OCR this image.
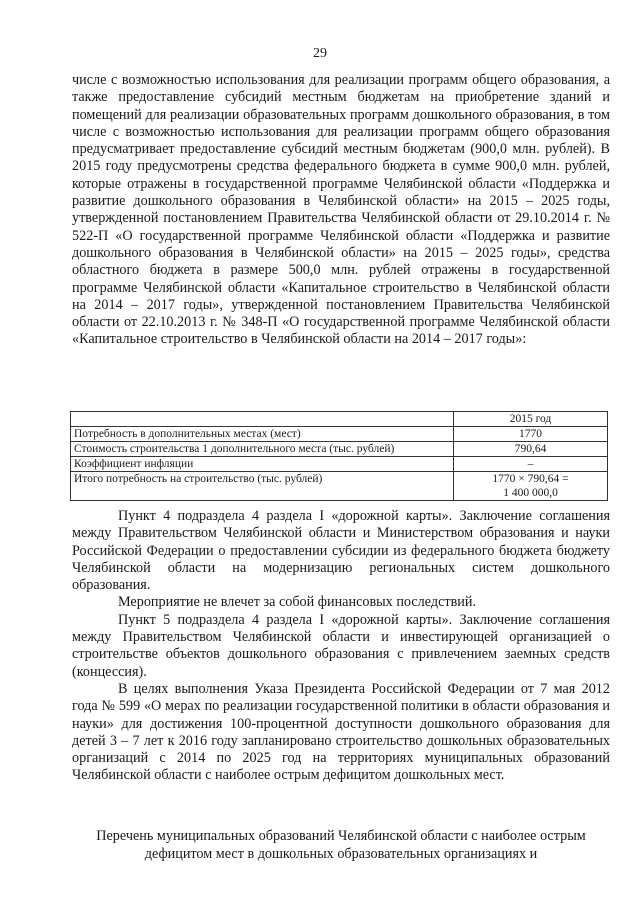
29

числе с возможностью использования для реализации программ общего образования, а также предоставление субсидий местным бюджетам на приобретение зданий и помещений для реализации образовательных программ дошкольного образования, в том числе с возможностью использования для реализации программ общего образования предусматривает предоставление субсидий местным бюджетам (900,0 млн. рублей). В 2015 году предусмотрены средства федерального бюджета в сумме 900,0 млн. рублей, которые отражены в государственной программе Челябинской области «Поддержка и развитие дошкольного образования в Челябинской области» на 2015 – 2025 годы, утвержденной постановлением Правительства Челябинской области от 29.10.2014 г. № 522-П «О государственной программе Челябинской области «Поддержка и развитие дошкольного образования в Челябинской области» на 2015 – 2025 годы», средства областного бюджета в размере 500,0 млн. рублей отражены в государственной программе Челябинской области «Капитальное строительство в Челябинской области на 2014 – 2017 годы», утвержденной постановлением Правительства Челябинской области от 22.10.2013 г. № 348-П «О государственной программе Челябинской области «Капитальное строительство в Челябинской области на 2014 – 2017 годы»:

	2015 год
Потребность в дополнительных местах (мест)	1770
Стоимость строительства 1 дополнительного места (тыс. рублей)	790,64
Коэффициент инфляции	–
Итого потребность на строительство (тыс. рублей)	1770 × 790,64 =
1 400 000,0

Пункт 4 подраздела 4 раздела I «дорожной карты». Заключение соглашения между Правительством Челябинской области и Министерством образования и науки Российской Федерации о предоставлении субсидии из федерального бюджета бюджету Челябинской области на модернизацию региональных систем дошкольного образования.

Мероприятие не влечет за собой финансовых последствий.

Пункт 5 подраздела 4 раздела I «дорожной карты». Заключение соглашения между Правительством Челябинской области и инвестирующей организацией о строительстве объектов дошкольного образования с привлечением заемных средств (концессия).

В целях выполнения Указа Президента Российской Федерации от 7 мая 2012 года № 599 «О мерах по реализации государственной политики в области образования и науки» для достижения 100-процентной доступности дошкольного образования для детей 3 – 7 лет к 2016 году запланировано строительство дошкольных образовательных организаций с 2014 по 2025 год на территориях муниципальных образований Челябинской области с наиболее острым дефицитом дошкольных мест.

Перечень муниципальных образований Челябинской области с наиболее острым дефицитом мест в дошкольных образовательных организациях и
